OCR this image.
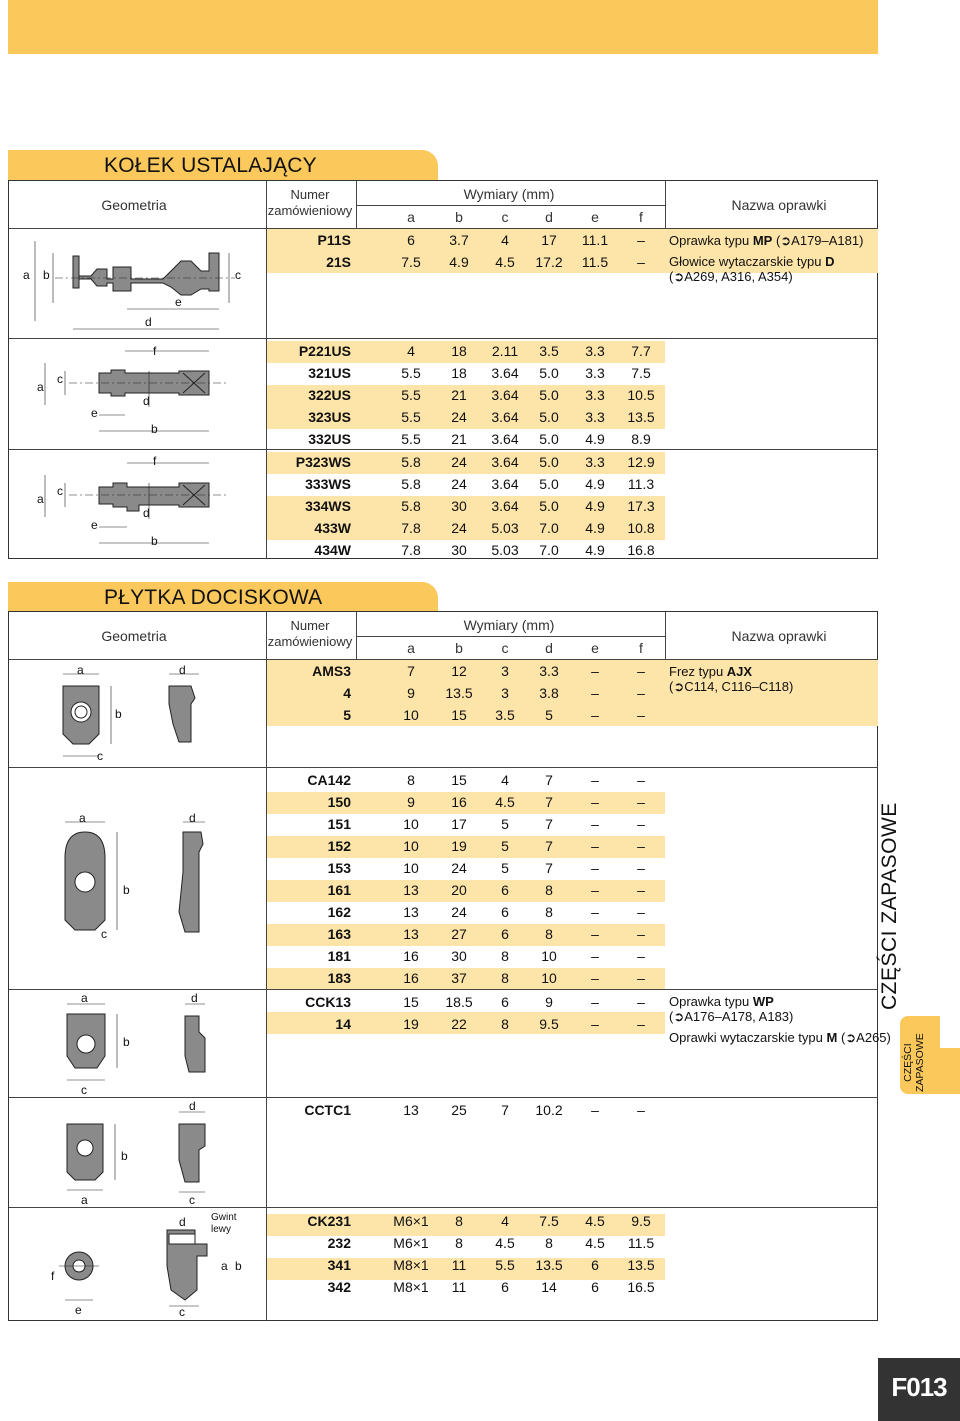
KOŁEK USTALAJĄCY
Geometria
Numer
zamówieniowy
Wymiary (mm)
Nazwa oprawki
a	b	c	d	e	f
P11S	6	3.7	4	17	11.1	–
21S	7.5	4.9	4.5	17.2	11.5	–
P221US	4	18	2.11	3.5	3.3	7.7
321US	5.5	18	3.64	5.0	3.3	7.5
322US	5.5	21	3.64	5.0	3.3	10.5
323US	5.5	24	3.64	5.0	3.3	13.5
332US	5.5	21	3.64	5.0	4.9	8.9
P323WS	5.8	24	3.64	5.0	3.3	12.9
333WS	5.8	24	3.64	5.0	4.9	11.3
334WS	5.8	30	3.64	5.0	4.9	17.3
433W	7.8	24	5.03	7.0	4.9	10.8
434W	7.8	30	5.03	7.0	4.9	16.8
Oprawka typu MP (➲A179–A181)
Głowice wytaczarskie typu D
(➲A269, A316, A354)
a b	c
e
d
a
c
f
e
d
b
a
c
f
e
d
b
PŁYTKA DOCISKOWA
Geometria
Numer
zamówieniowy
Wymiary (mm)
Nazwa oprawki
a	b	c	d	e	f
AMS3	7	12	3	3.3	–	–
4	9	13.5	3	3.8	–	–
5	10	15	3.5	5	–	–
CA142	8	15	4	7	–	–
150	9	16	4.5	7	–	–
151	10	17	5	7	–	–
152	10	19	5	7	–	–
153	10	24	5	7	–	–
161	13	20	6	8	–	–
162	13	24	6	8	–	–
163	13	27	6	8	–	–
181	16	30	8	10	–	–
183	16	37	8	10	–	–
CCK13	15	18.5	6	9	–	–
14	19	22	8	9.5	–	–
CCTC1	13	25	7	10.2	–	–
CK231	M6×1	8	4	7.5	4.5	9.5
232	M6×1	8	4.5	8	4.5	11.5
341	M8×1	11	5.5	13.5	6	13.5
342	M8×1	11	6	14	6	16.5
Frez typu AJX
(➲C114, C116–C118)
Oprawka typu WP
(➲A176–A178, A183)
Oprawki wytaczarskie typu M (➲A265)
a
b
c
d
a
b
c
d
a
b
c
d
b
a
d
c
f
e
d
c
Gwint
lewy
a b
CZĘŚCI ZAPASOWE
CZĘŚCI
ZAPASOWE
F013
